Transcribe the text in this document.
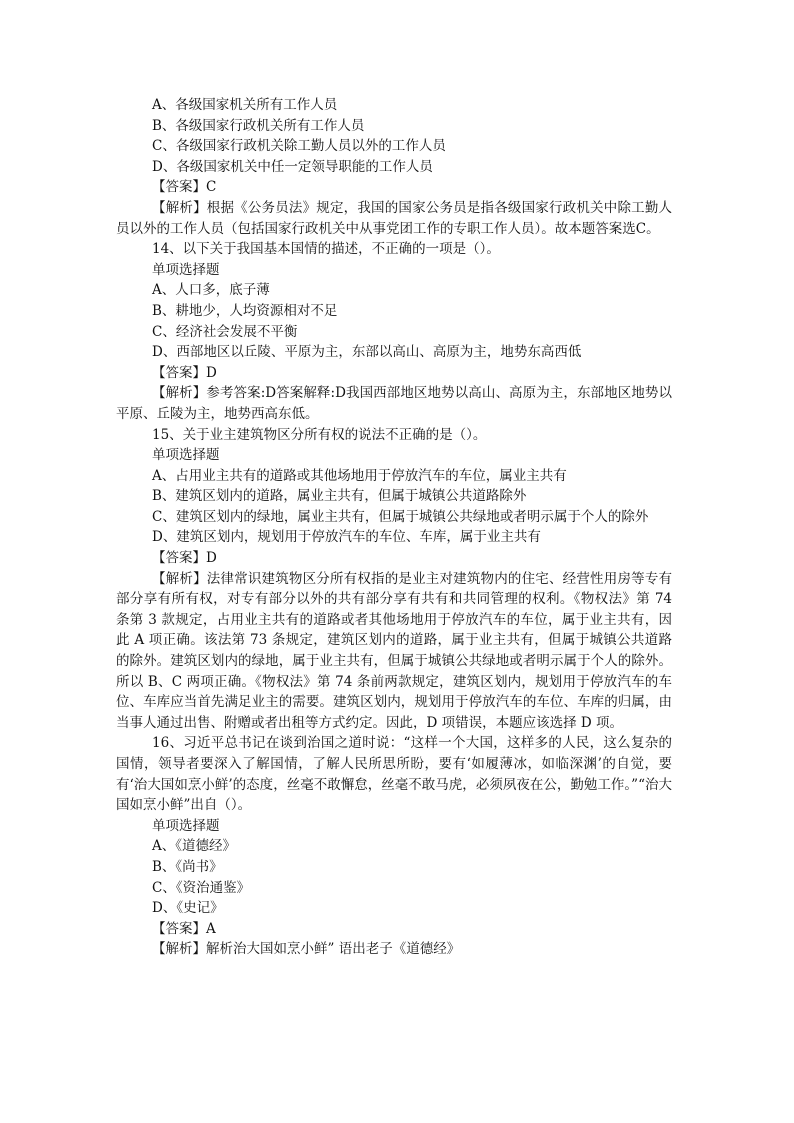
A、各级国家机关所有工作人员

B、各级国家行政机关所有工作人员

C、各级国家行政机关除工勤人员以外的工作人员

D、各级国家机关中任一定领导职能的工作人员

【答案】C

【解析】根据《公务员法》规定，我国的国家公务员是指各级国家行政机关中除工勤人员以外的工作人员（包括国家行政机关中从事党团工作的专职工作人员）。故本题答案选C。

14、以下关于我国基本国情的描述，不正确的一项是（）。

单项选择题

A、人口多，底子薄

B、耕地少，人均资源相对不足

C、经济社会发展不平衡

D、西部地区以丘陵、平原为主，东部以高山、高原为主，地势东高西低

【答案】D

【解析】参考答案:D答案解释:D我国西部地区地势以高山、高原为主，东部地区地势以平原、丘陵为主，地势西高东低。

15、关于业主建筑物区分所有权的说法不正确的是（）。

单项选择题

A、占用业主共有的道路或其他场地用于停放汽车的车位，属业主共有

B、建筑区划内的道路，属业主共有，但属于城镇公共道路除外

C、建筑区划内的绿地，属业主共有，但属于城镇公共绿地或者明示属于个人的除外

D、建筑区划内，规划用于停放汽车的车位、车库，属于业主共有

【答案】D

【解析】法律常识建筑物区分所有权指的是业主对建筑物内的住宅、经营性用房等专有部分享有所有权，对专有部分以外的共有部分享有共有和共同管理的权利。《物权法》第 74 条第 3 款规定，占用业主共有的道路或者其他场地用于停放汽车的车位，属于业主共有，因此 A 项正确。该法第 73 条规定，建筑区划内的道路，属于业主共有，但属于城镇公共道路的除外。建筑区划内的绿地，属于业主共有，但属于城镇公共绿地或者明示属于个人的除外。所以 B、C 两项正确。《物权法》第 74 条前两款规定，建筑区划内，规划用于停放汽车的车位、车库应当首先满足业主的需要。建筑区划内，规划用于停放汽车的车位、车库的归属，由当事人通过出售、附赠或者出租等方式约定。因此，D 项错误，本题应该选择 D 项。

16、习近平总书记在谈到治国之道时说：“这样一个大国，这样多的人民，这么复杂的国情，领导者要深入了解国情，了解人民所思所盼，要有‘如履薄冰，如临深渊’的自觉，要有‘治大国如烹小鲜’的态度，丝毫不敢懈怠，丝毫不敢马虎，必须夙夜在公，勤勉工作。”“治大国如烹小鲜”出自（）。

单项选择题

A、《道德经》

B、《尚书》

C、《资治通鉴》

D、《史记》

【答案】A

【解析】解析治大国如烹小鲜” 语出老子《道德经》
